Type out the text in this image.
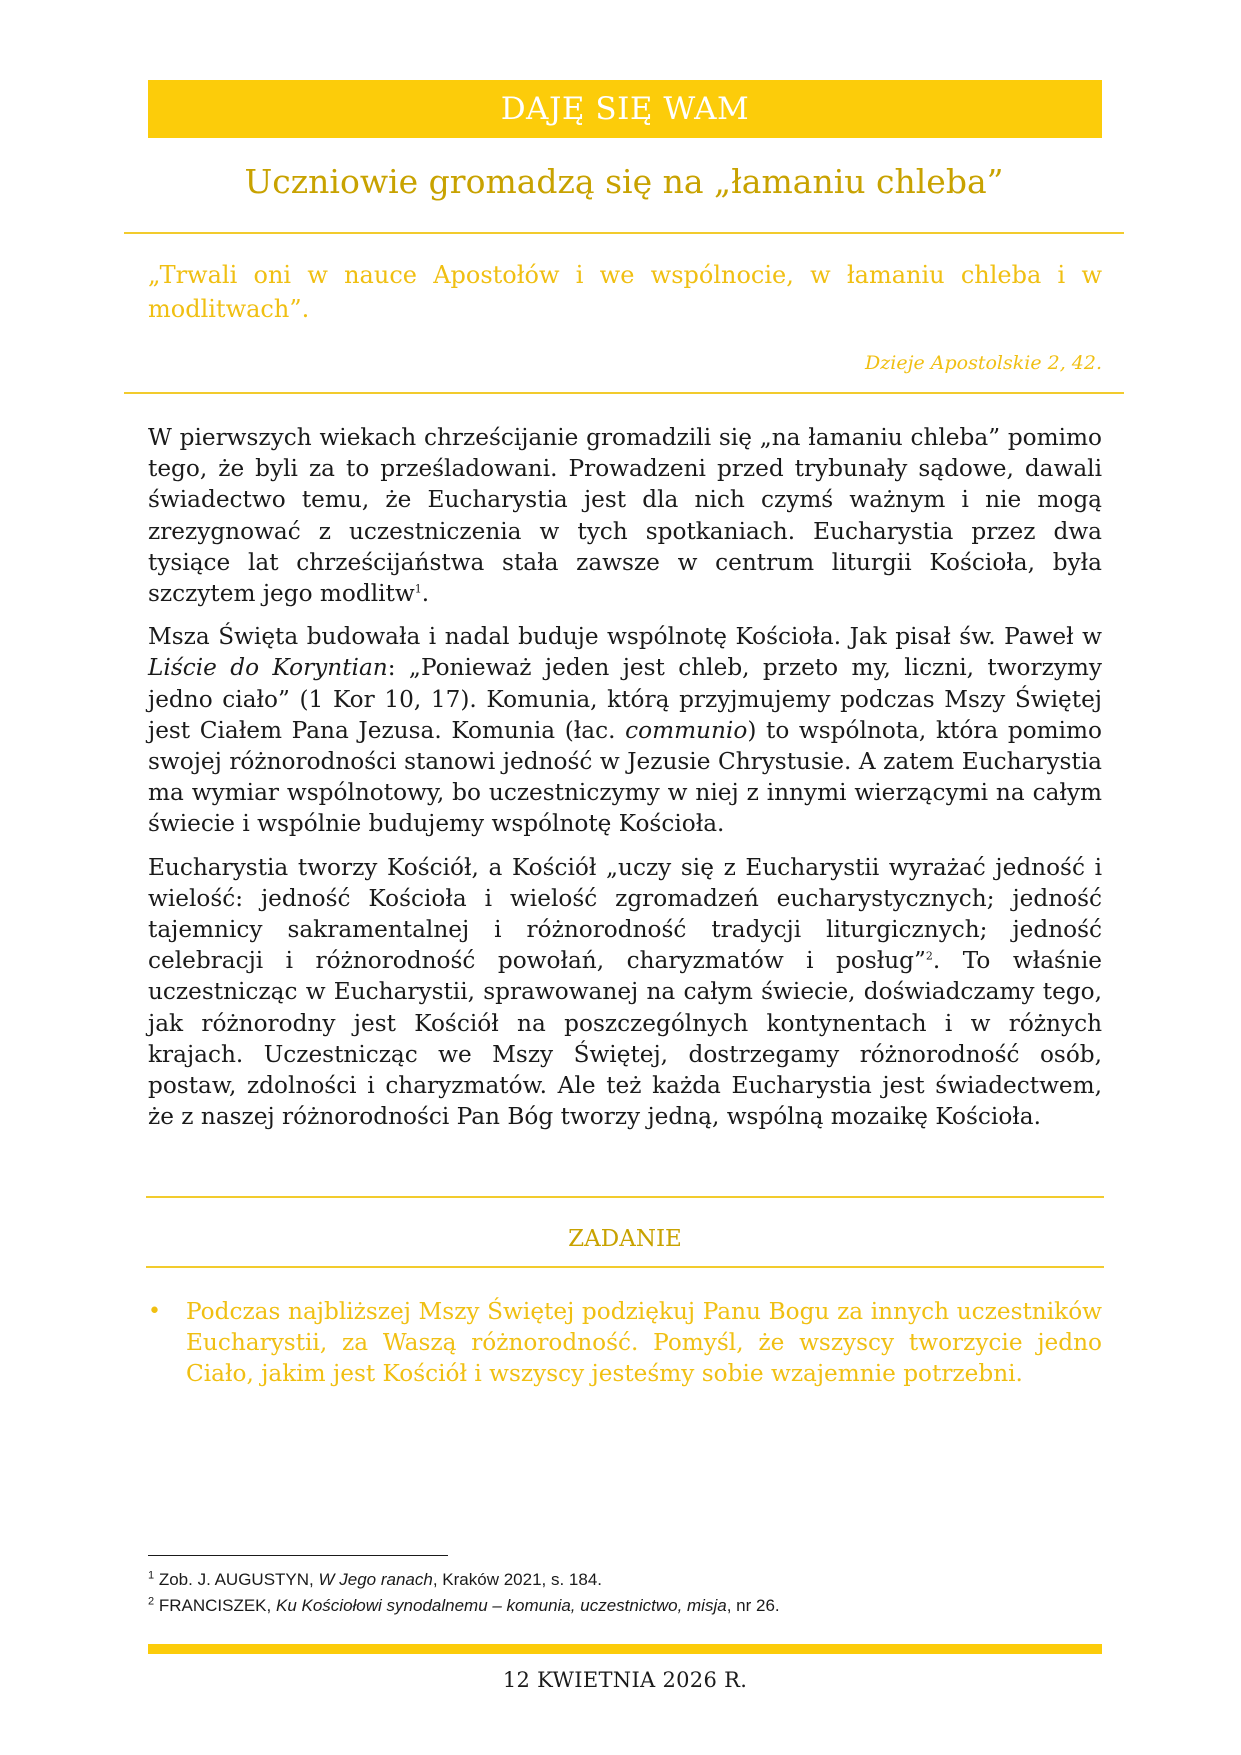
DAJĘ SIĘ WAM
Uczniowie gromadzą się na „łamaniu chleba”
„Trwali oni w nauce Apostołów i we wspólnocie, w łamaniu chleba i w modlitwach”.
Dzieje Apostolskie 2, 42.

W pierwszych wiekach chrześcijanie gromadzili się „na łamaniu chleba” pomimo tego, że byli za to prześladowani. Prowadzeni przed trybunały sądowe, dawali świadectwo temu, że Eucharystia jest dla nich czymś ważnym i nie mogą zrezygnować z uczestniczenia w tych spotkaniach. Eucharystia przez dwa tysiące lat chrześcijaństwa stała zawsze w centrum liturgii Kościoła, była szczytem jego modlitw$^1$.

Msza Święta budowała i nadal buduje wspólnotę Kościoła. Jak pisał św. Paweł w Liście do Koryntian: „Ponieważ jeden jest chleb, przeto my, liczni, tworzymy jedno ciało” (1 Kor 10, 17). Komunia, którą przyjmujemy podczas Mszy Świętej jest Ciałem Pana Jezusa. Komunia (łac. communio) to wspólnota, która pomimo swojej różnorodności stanowi jedność w Jezusie Chrystusie. A zatem Eucharystia ma wymiar wspólnotowy, bo uczestniczymy w niej z innymi wierzącymi na całym świecie i wspólnie budujemy wspólnotę Kościoła.

Eucharystia tworzy Kościół, a Kościół „uczy się z Eucharystii wyrażać jedność i wielość: jedność Kościoła i wielość zgromadzeń eucharystycznych; jedność tajemnicy sakramentalnej i różnorodność tradycji liturgicznych; jedność celebracji i różnorodność powołań, charyzmatów i posług”$^2$. To właśnie uczestnicząc w Eucharystii, sprawowanej na całym świecie, doświadczamy tego, jak różnorodny jest Kościół na poszczególnych kontynentach i w różnych krajach. Uczestnicząc we Mszy Świętej, dostrzegamy różnorodność osób, postaw, zdolności i charyzmatów. Ale też każda Eucharystia jest świadectwem, że z naszej różnorodności Pan Bóg tworzy jedną, wspólną mozaikę Kościoła.

ZADANIE
•	Podczas najbliższej Mszy Świętej podziękuj Panu Bogu za innych uczestników Eucharystii, za Waszą różnorodność. Pomyśl, że wszyscy tworzycie jedno Ciało, jakim jest Kościół i wszyscy jesteśmy sobie wzajemnie potrzebni.
$^1$ Zob. J. AUGUSTYN, W Jego ranach, Kraków 2021, s. 184.
$^2$ FRANCISZEK, Ku Kościołowi synodalnemu – komunia, uczestnictwo, misja, nr 26.
12 KWIETNIA 2026 R.
